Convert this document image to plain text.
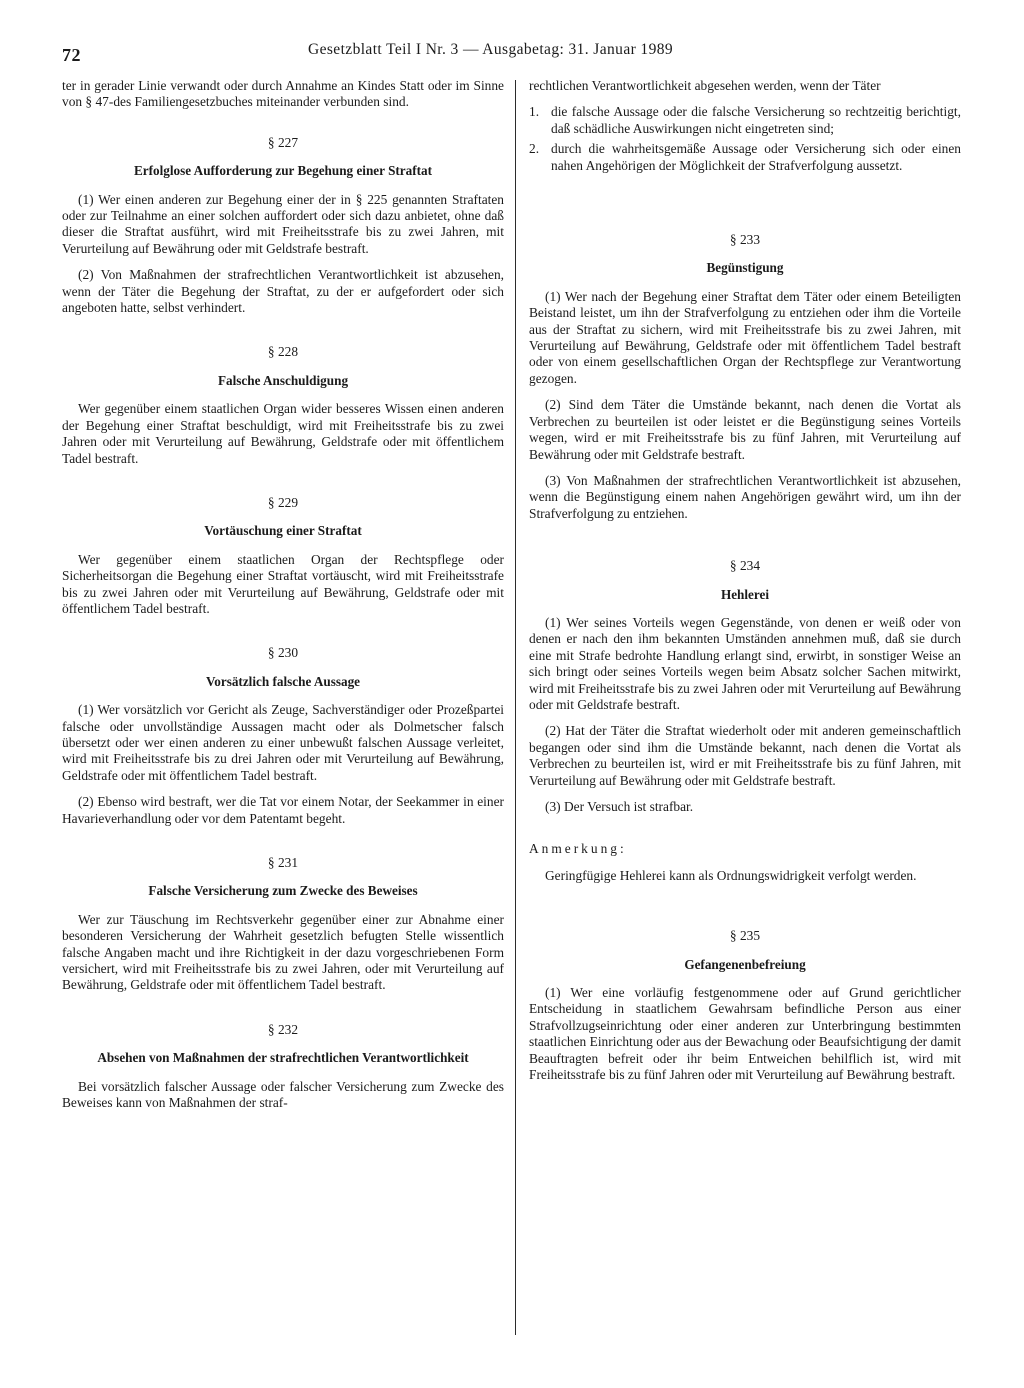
72	Gesetzblatt Teil I Nr. 3 — Ausgabetag: 31. Januar 1989

ter in gerader Linie verwandt oder durch Annahme an Kindes Statt oder im Sinne von § 47-des Familiengesetzbuches miteinander verbunden sind.

§ 227
Erfolglose Aufforderung zur Begehung einer Straftat

(1) Wer einen anderen zur Begehung einer der in § 225 genannten Straftaten oder zur Teilnahme an einer solchen auffordert oder sich dazu anbietet, ohne daß dieser die Straftat ausführt, wird mit Freiheitsstrafe bis zu zwei Jahren, mit Verurteilung auf Bewährung oder mit Geldstrafe bestraft.

(2) Von Maßnahmen der strafrechtlichen Verantwortlichkeit ist abzusehen, wenn der Täter die Begehung der Straftat, zu der er aufgefordert oder sich angeboten hatte, selbst verhindert.

§ 228
Falsche Anschuldigung

Wer gegenüber einem staatlichen Organ wider besseres Wissen einen anderen der Begehung einer Straftat beschuldigt, wird mit Freiheitsstrafe bis zu zwei Jahren oder mit Verurteilung auf Bewährung, Geldstrafe oder mit öffentlichem Tadel bestraft.

§ 229
Vortäuschung einer Straftat

Wer gegenüber einem staatlichen Organ der Rechtspflege oder Sicherheitsorgan die Begehung einer Straftat vortäuscht, wird mit Freiheitsstrafe bis zu zwei Jahren oder mit Verurteilung auf Bewährung, Geldstrafe oder mit öffentlichem Tadel bestraft.

§ 230
Vorsätzlich falsche Aussage

(1) Wer vorsätzlich vor Gericht als Zeuge, Sachverständiger oder Prozeßpartei falsche oder unvollständige Aussagen macht oder als Dolmetscher falsch übersetzt oder wer einen anderen zu einer unbewußt falschen Aussage verleitet, wird mit Freiheitsstrafe bis zu drei Jahren oder mit Verurteilung auf Bewährung, Geldstrafe oder mit öffentlichem Tadel bestraft.

(2) Ebenso wird bestraft, wer die Tat vor einem Notar, der Seekammer in einer Havarieverhandlung oder vor dem Patentamt begeht.

§ 231
Falsche Versicherung zum Zwecke des Beweises

Wer zur Täuschung im Rechtsverkehr gegenüber einer zur Abnahme einer besonderen Versicherung der Wahrheit gesetzlich befugten Stelle wissentlich falsche Angaben macht und ihre Richtigkeit in der dazu vorgeschriebenen Form versichert, wird mit Freiheitsstrafe bis zu zwei Jahren, oder mit Verurteilung auf Bewährung, Geldstrafe oder mit öffentlichem Tadel bestraft.

§ 232
Absehen von Maßnahmen der strafrechtlichen Verantwortlichkeit

Bei vorsätzlich falscher Aussage oder falscher Versicherung zum Zwecke des Beweises kann von Maßnahmen der straf-

rechtlichen Verantwortlichkeit abgesehen werden, wenn der Täter

1. die falsche Aussage oder die falsche Versicherung so rechtzeitig berichtigt, daß schädliche Auswirkungen nicht eingetreten sind;
2. durch die wahrheitsgemäße Aussage oder Versicherung sich oder einen nahen Angehörigen der Möglichkeit der Strafverfolgung aussetzt.
§ 233
Begünstigung

(1) Wer nach der Begehung einer Straftat dem Täter oder einem Beteiligten Beistand leistet, um ihn der Strafverfolgung zu entziehen oder ihm die Vorteile aus der Straftat zu sichern, wird mit Freiheitsstrafe bis zu zwei Jahren, mit Verurteilung auf Bewährung, Geldstrafe oder mit öffentlichem Tadel bestraft oder von einem gesellschaftlichen Organ der Rechtspflege zur Verantwortung gezogen.

(2) Sind dem Täter die Umstände bekannt, nach denen die Vortat als Verbrechen zu beurteilen ist oder leistet er die Begünstigung seines Vorteils wegen, wird er mit Freiheitsstrafe bis zu fünf Jahren, mit Verurteilung auf Bewährung oder mit Geldstrafe bestraft.

(3) Von Maßnahmen der strafrechtlichen Verantwortlichkeit ist abzusehen, wenn die Begünstigung einem nahen Angehörigen gewährt wird, um ihn der Strafverfolgung zu entziehen.

§ 234
Hehlerei

(1) Wer seines Vorteils wegen Gegenstände, von denen er weiß oder von denen er nach den ihm bekannten Umständen annehmen muß, daß sie durch eine mit Strafe bedrohte Handlung erlangt sind, erwirbt, in sonstiger Weise an sich bringt oder seines Vorteils wegen beim Absatz solcher Sachen mitwirkt, wird mit Freiheitsstrafe bis zu zwei Jahren oder mit Verurteilung auf Bewährung oder mit Geldstrafe bestraft.

(2) Hat der Täter die Straftat wiederholt oder mit anderen gemeinschaftlich begangen oder sind ihm die Umstände bekannt, nach denen die Vortat als Verbrechen zu beurteilen ist, wird er mit Freiheitsstrafe bis zu fünf Jahren, mit Verurteilung auf Bewährung oder mit Geldstrafe bestraft.

(3) Der Versuch ist strafbar.

Anmerkung:

Geringfügige Hehlerei kann als Ordnungswidrigkeit verfolgt werden.

§ 235
Gefangenenbefreiung

(1) Wer eine vorläufig festgenommene oder auf Grund gerichtlicher Entscheidung in staatlichem Gewahrsam befindliche Person aus einer Strafvollzugseinrichtung oder einer anderen zur Unterbringung bestimmten staatlichen Einrichtung oder aus der Bewachung oder Beaufsichtigung der damit Beauftragten befreit oder ihr beim Entweichen behilflich ist, wird mit Freiheitsstrafe bis zu fünf Jahren oder mit Verurteilung auf Bewährung bestraft.
